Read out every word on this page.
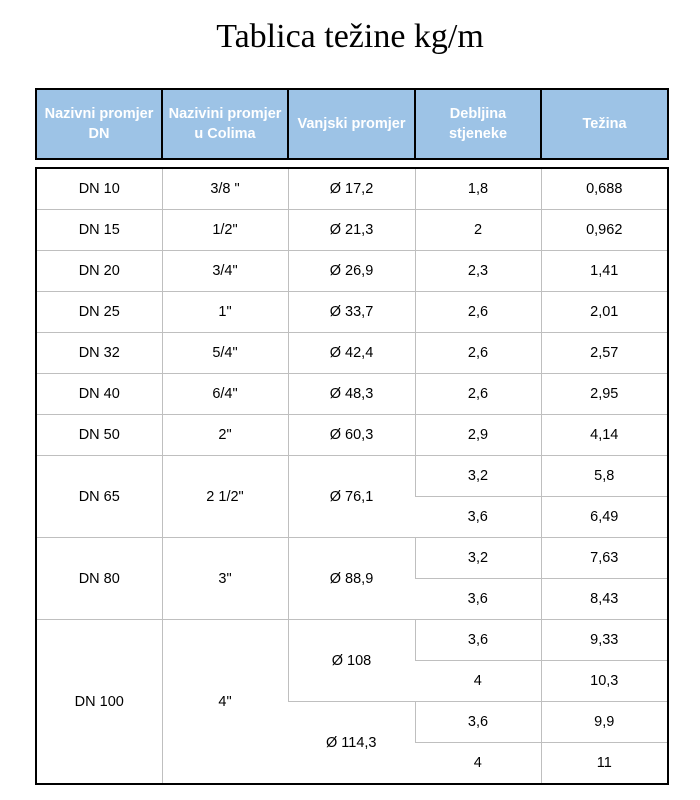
Tablica težine kg/m
Nazivni promjer DN	Nazivini promjer u Colima	Vanjski promjer	Debljina stjeneke	Težina
DN 10	3/8 "	Ø 17,2	1,8	0,688
DN 15	1/2"	Ø 21,3	2	0,962
DN 20	3/4"	Ø 26,9	2,3	1,41
DN 25	1"	Ø 33,7	2,6	2,01
DN 32	5/4"	Ø 42,4	2,6	2,57
DN 40	6/4"	Ø 48,3	2,6	2,95
DN 50	2"	Ø 60,3	2,9	4,14
DN 65	2 1/2"	Ø 76,1	3,2	5,8
			3,6	6,49
DN 80	3"	Ø 88,9	3,2	7,63
			3,6	8,43
DN 100	4"	Ø 108	3,6	9,33
			4	10,3
		Ø 114,3	3,6	9,9
			4	11
